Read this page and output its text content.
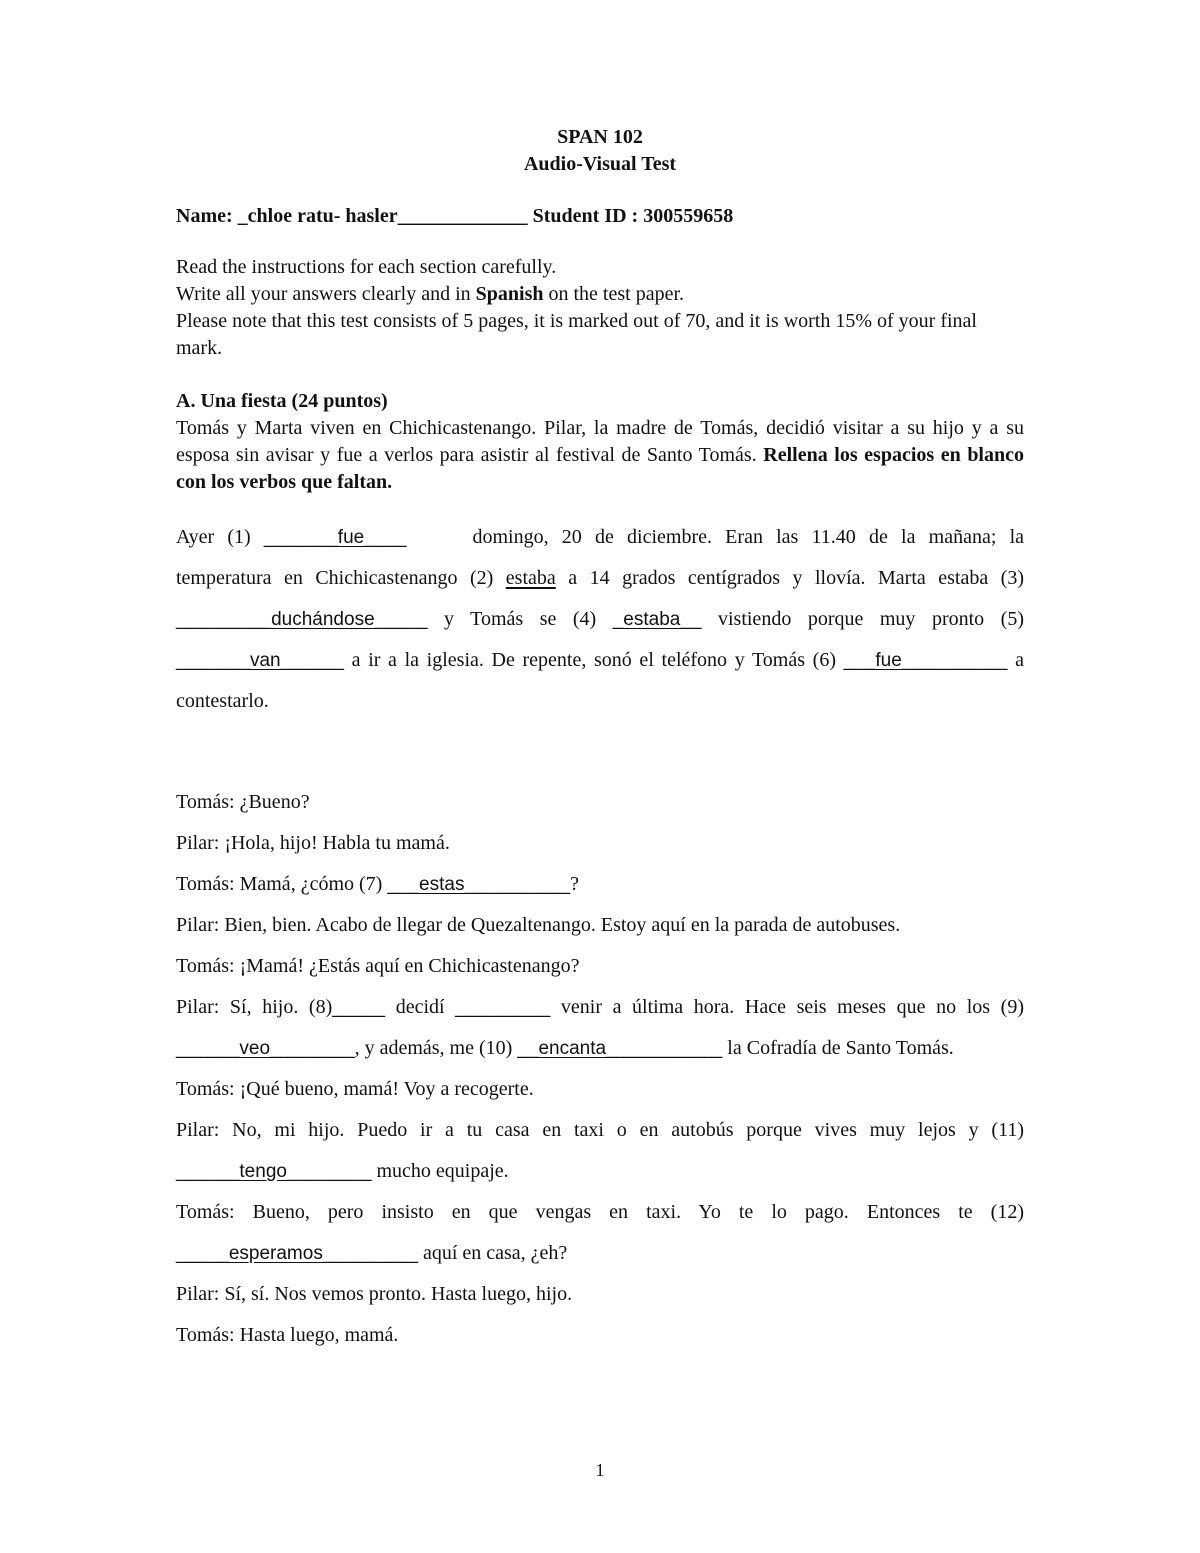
SPAN 102
Audio-Visual Test
Name: _chloe ratu- hasler_____________ Student ID : 300559658

Read the instructions for each section carefully.

Write all your answers clearly and in Spanish on the test paper.

Please note that this test consists of 5 pages, it is marked out of 70, and it is worth 15% of your final mark.

A. Una fiesta (24 puntos)
Tomás y Marta viven en Chichicastenango. Pilar, la madre de Tomás, decidió visitar a su hijo y a su esposa sin avisar y fue a verlos para asistir al festival de Santo Tomás. Rellena los espacios en blanco con los verbos que faltan.
Ayer (1) _______fue____	domingo, 20 de diciembre. Eran las 11.40 de la mañana; la temperatura en Chichicastenango (2) estaba a 14 grados centígrados y llovía. Marta estaba (3) _________duchándose_____ y Tomás se (4) _estaba__ vistiendo porque muy pronto (5) _______van______ a ir a la iglesia. De repente, sonó el teléfono y Tomás (6) ___fue__________ a contestarlo.

Tomás: ¿Bueno?

Pilar: ¡Hola, hijo! Habla tu mamá.

Tomás: Mamá, ¿cómo (7) ___estas__________?

Pilar: Bien, bien. Acabo de llegar de Quezaltenango. Estoy aquí en la parada de autobuses.

Tomás: ¡Mamá! ¿Estás aquí en Chichicastenango?

Pilar: Sí, hijo. (8)_____ decidí _________ venir a última hora. Hace seis meses que no los (9) ______veo________, y además, me (10) __encanta___________ la Cofradía de Santo Tomás.

Tomás: ¡Qué bueno, mamá! Voy a recogerte.

Pilar: No, mi hijo. Puedo ir a tu casa en taxi o en autobús porque vives muy lejos y (11) ______tengo________ mucho equipaje.

Tomás: Bueno, pero insisto en que vengas en taxi. Yo te lo pago. Entonces te (12) _____esperamos_________ aquí en casa, ¿eh?

Pilar: Sí, sí. Nos vemos pronto. Hasta luego, hijo.

Tomás: Hasta luego, mamá.

1
